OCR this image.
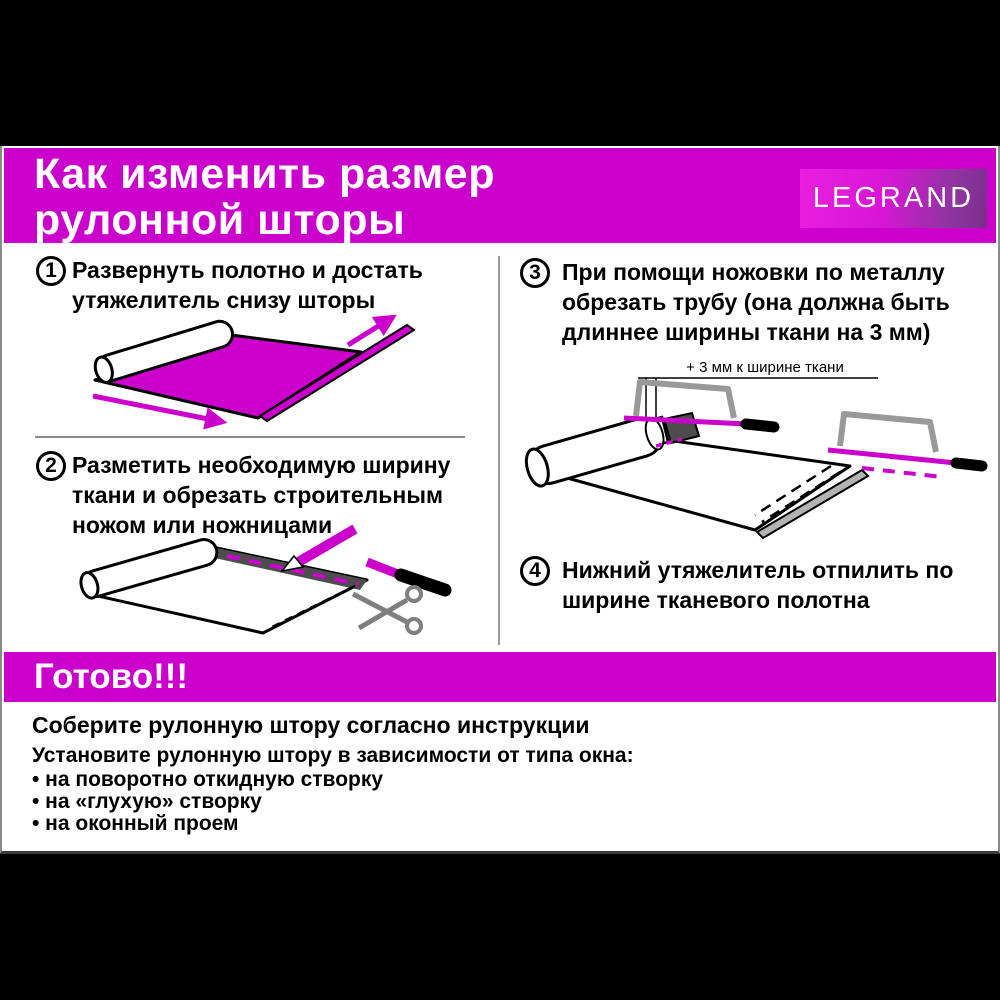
Как изменить размер
рулонной шторы	LEGRAND
1 Развернуть полотно и достать
утяжелитель снизу шторы
2 Разметить необходимую ширину
ткани и обрезать строительным
ножом или ножницами
3 При помощи ножовки по металлу
обрезать трубу (она должна быть
длиннее ширины ткани на 3 мм)
+ 3 мм к ширине ткани
4 Нижний утяжелитель отпилить по
ширине тканевого полотна
Готово!!!
Соберите рулонную штору согласно инструкции
Установите рулонную штору в зависимости от типа окна:
• на поворотно откидную створку
• на «глухую» створку
• на оконный проем
